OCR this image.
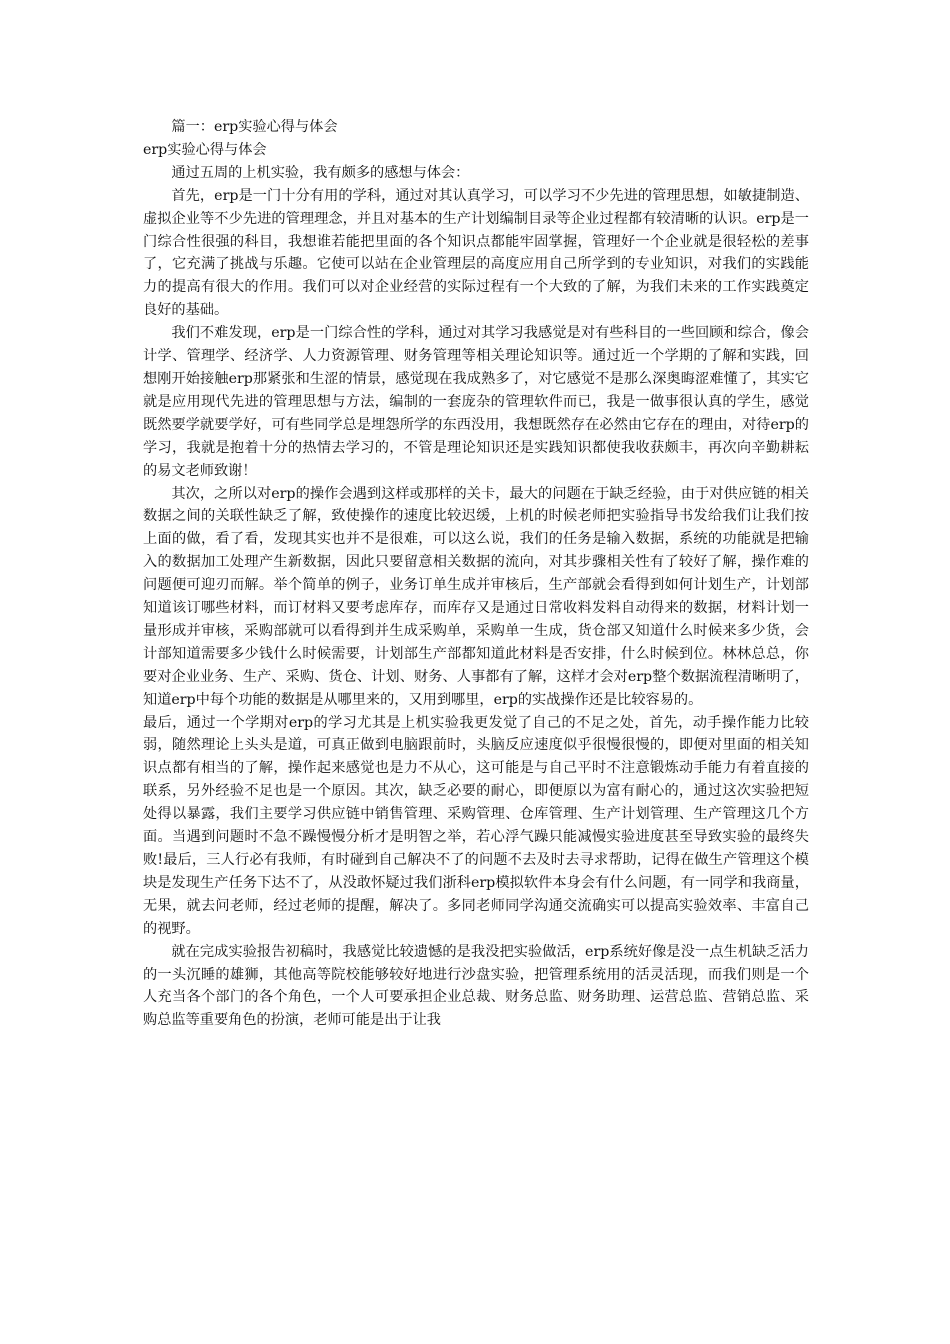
篇一：erp实验心得与体会

erp实验心得与体会

通过五周的上机实验，我有颇多的感想与体会：

首先，erp是一门十分有用的学科，通过对其认真学习，可以学习不少先进的管理思想，如敏捷制造、虚拟企业等不少先进的管理理念，并且对基本的生产计划编制目录等企业过程都有较清晰的认识。erp是一门综合性很强的科目，我想谁若能把里面的各个知识点都能牢固掌握，管理好一个企业就是很轻松的差事了，它充满了挑战与乐趣。它使可以站在企业管理层的高度应用自己所学到的专业知识，对我们的实践能力的提高有很大的作用。我们可以对企业经营的实际过程有一个大致的了解，为我们未来的工作实践奠定良好的基础。

我们不难发现，erp是一门综合性的学科，通过对其学习我感觉是对有些科目的一些回顾和综合，像会计学、管理学、经济学、人力资源管理、财务管理等相关理论知识等。通过近一个学期的了解和实践，回想刚开始接触erp那紧张和生涩的情景，感觉现在我成熟多了，对它感觉不是那么深奥晦涩难懂了，其实它就是应用现代先进的管理思想与方法，编制的一套庞杂的管理软件而已，我是一做事很认真的学生，感觉既然要学就要学好，可有些同学总是埋怨所学的东西没用，我想既然存在必然由它存在的理由，对待erp的学习，我就是抱着十分的热情去学习的，不管是理论知识还是实践知识都使我收获颇丰，再次向辛勤耕耘的易文老师致谢！

其次，之所以对erp的操作会遇到这样或那样的关卡，最大的问题在于缺乏经验，由于对供应链的相关数据之间的关联性缺乏了解，致使操作的速度比较迟缓，上机的时候老师把实验指导书发给我们让我们按上面的做，看了看，发现其实也并不是很难，可以这么说，我们的任务是输入数据，系统的功能就是把输入的数据加工处理产生新数据，因此只要留意相关数据的流向，对其步骤相关性有了较好了解，操作难的问题便可迎刃而解。举个简单的例子，业务订单生成并审核后，生产部就会看得到如何计划生产，计划部知道该订哪些材料，而订材料又要考虑库存，而库存又是通过日常收料发料自动得来的数据，材料计划一量形成并审核，采购部就可以看得到并生成采购单，采购单一生成，货仓部又知道什么时候来多少货，会计部知道需要多少钱什么时候需要，计划部生产部都知道此材料是否安排，什么时候到位。林林总总，你要对企业业务、生产、采购、货仓、计划、财务、人事都有了解，这样才会对erp整个数据流程清晰明了，知道erp中每个功能的数据是从哪里来的，又用到哪里，erp的实战操作还是比较容易的。

最后，通过一个学期对erp的学习尤其是上机实验我更发觉了自己的不足之处，首先，动手操作能力比较弱，随然理论上头头是道，可真正做到电脑跟前时，头脑反应速度似乎很慢很慢的，即便对里面的相关知识点都有相当的了解，操作起来感觉也是力不从心，这可能是与自己平时不注意锻炼动手能力有着直接的联系，另外经验不足也是一个原因。其次，缺乏必要的耐心，即便原以为富有耐心的，通过这次实验把短处得以暴露，我们主要学习供应链中销售管理、采购管理、仓库管理、生产计划管理、生产管理这几个方面。当遇到问题时不急不躁慢慢分析才是明智之举，若心浮气躁只能减慢实验进度甚至导致实验的最终失败!最后，三人行必有我师，有时碰到自己解决不了的问题不去及时去寻求帮助，记得在做生产管理这个模块是发现生产任务下达不了，从没敢怀疑过我们浙科erp模拟软件本身会有什么问题，有一同学和我商量，无果，就去问老师，经过老师的提醒，解决了。多同老师同学沟通交流确实可以提高实验效率、丰富自己的视野。

就在完成实验报告初稿时，我感觉比较遗憾的是我没把实验做活，erp系统好像是没一点生机缺乏活力的一头沉睡的雄狮，其他高等院校能够较好地进行沙盘实验，把管理系统用的活灵活现，而我们则是一个人充当各个部门的各个角色，一个人可要承担企业总裁、财务总监、财务助理、运营总监、营销总监、采购总监等重要角色的扮演，老师可能是出于让我
